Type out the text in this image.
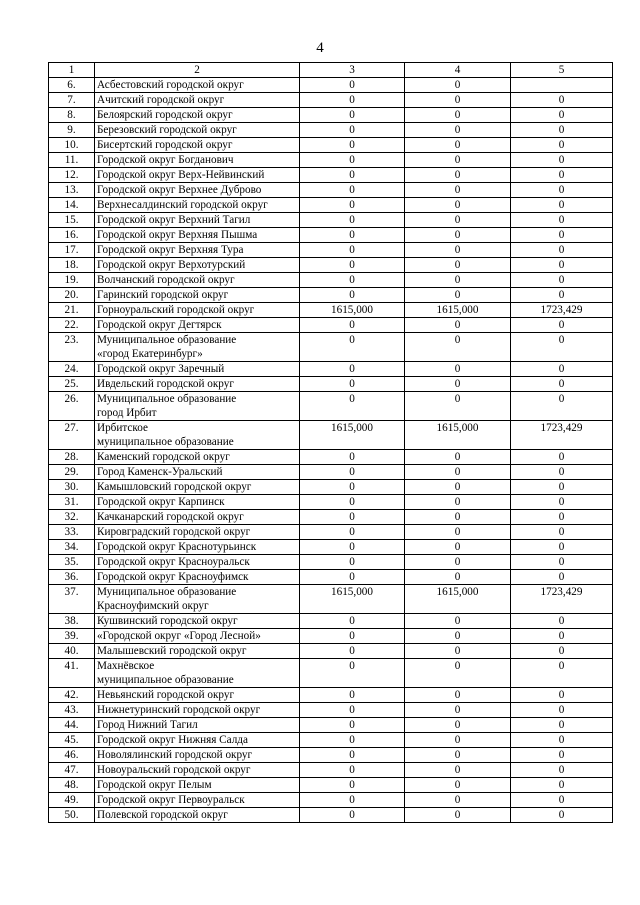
4
1	2	3	4	5
6.	Асбестовский городской округ	0	0	
7.	Ачитский городской округ	0	0	0
8.	Белоярский городской округ	0	0	0
9.	Березовский городской округ	0	0	0
10.	Бисертский городской округ	0	0	0
11.	Городской округ Богданович	0	0	0
12.	Городской округ Верх-Нейвинский	0	0	0
13.	Городской округ Верхнее Дуброво	0	0	0
14.	Верхнесалдинский городской округ	0	0	0
15.	Городской округ Верхний Тагил	0	0	0
16.	Городской округ Верхняя Пышма	0	0	0
17.	Городской округ Верхняя Тура	0	0	0
18.	Городской округ Верхотурский	0	0	0
19.	Волчанский городской округ	0	0	0
20.	Гаринский городской округ	0	0	0
21.	Горноуральский городской округ	1615,000	1615,000	1723,429
22.	Городской округ Дегтярск	0	0	0
23.	Муниципальное образование
«город Екатеринбург»	0	0	0
24.	Городской округ Заречный	0	0	0
25.	Ивдельский городской округ	0	0	0
26.	Муниципальное образование
город Ирбит	0	0	0
27.	Ирбитское
муниципальное образование	1615,000	1615,000	1723,429
28.	Каменский городской округ	0	0	0
29.	Город Каменск-Уральский	0	0	0
30.	Камышловский городской округ	0	0	0
31.	Городской округ Карпинск	0	0	0
32.	Качканарский городской округ	0	0	0
33.	Кировградский городской округ	0	0	0
34.	Городской округ Краснотурьинск	0	0	0
35.	Городской округ Красноуральск	0	0	0
36.	Городской округ Красноуфимск	0	0	0
37.	Муниципальное образование
Красноуфимский округ	1615,000	1615,000	1723,429
38.	Кушвинский городской округ	0	0	0
39.	«Городской округ «Город Лесной»	0	0	0
40.	Малышевский городской округ	0	0	0
41.	Махнёвское
муниципальное образование	0	0	0
42.	Невьянский городской округ	0	0	0
43.	Нижнетуринский городской округ	0	0	0
44.	Город Нижний Тагил	0	0	0
45.	Городской округ Нижняя Салда	0	0	0
46.	Новолялинский городской округ	0	0	0
47.	Новоуральский городской округ	0	0	0
48.	Городской округ Пелым	0	0	0
49.	Городской округ Первоуральск	0	0	0
50.	Полевской городской округ	0	0	0
